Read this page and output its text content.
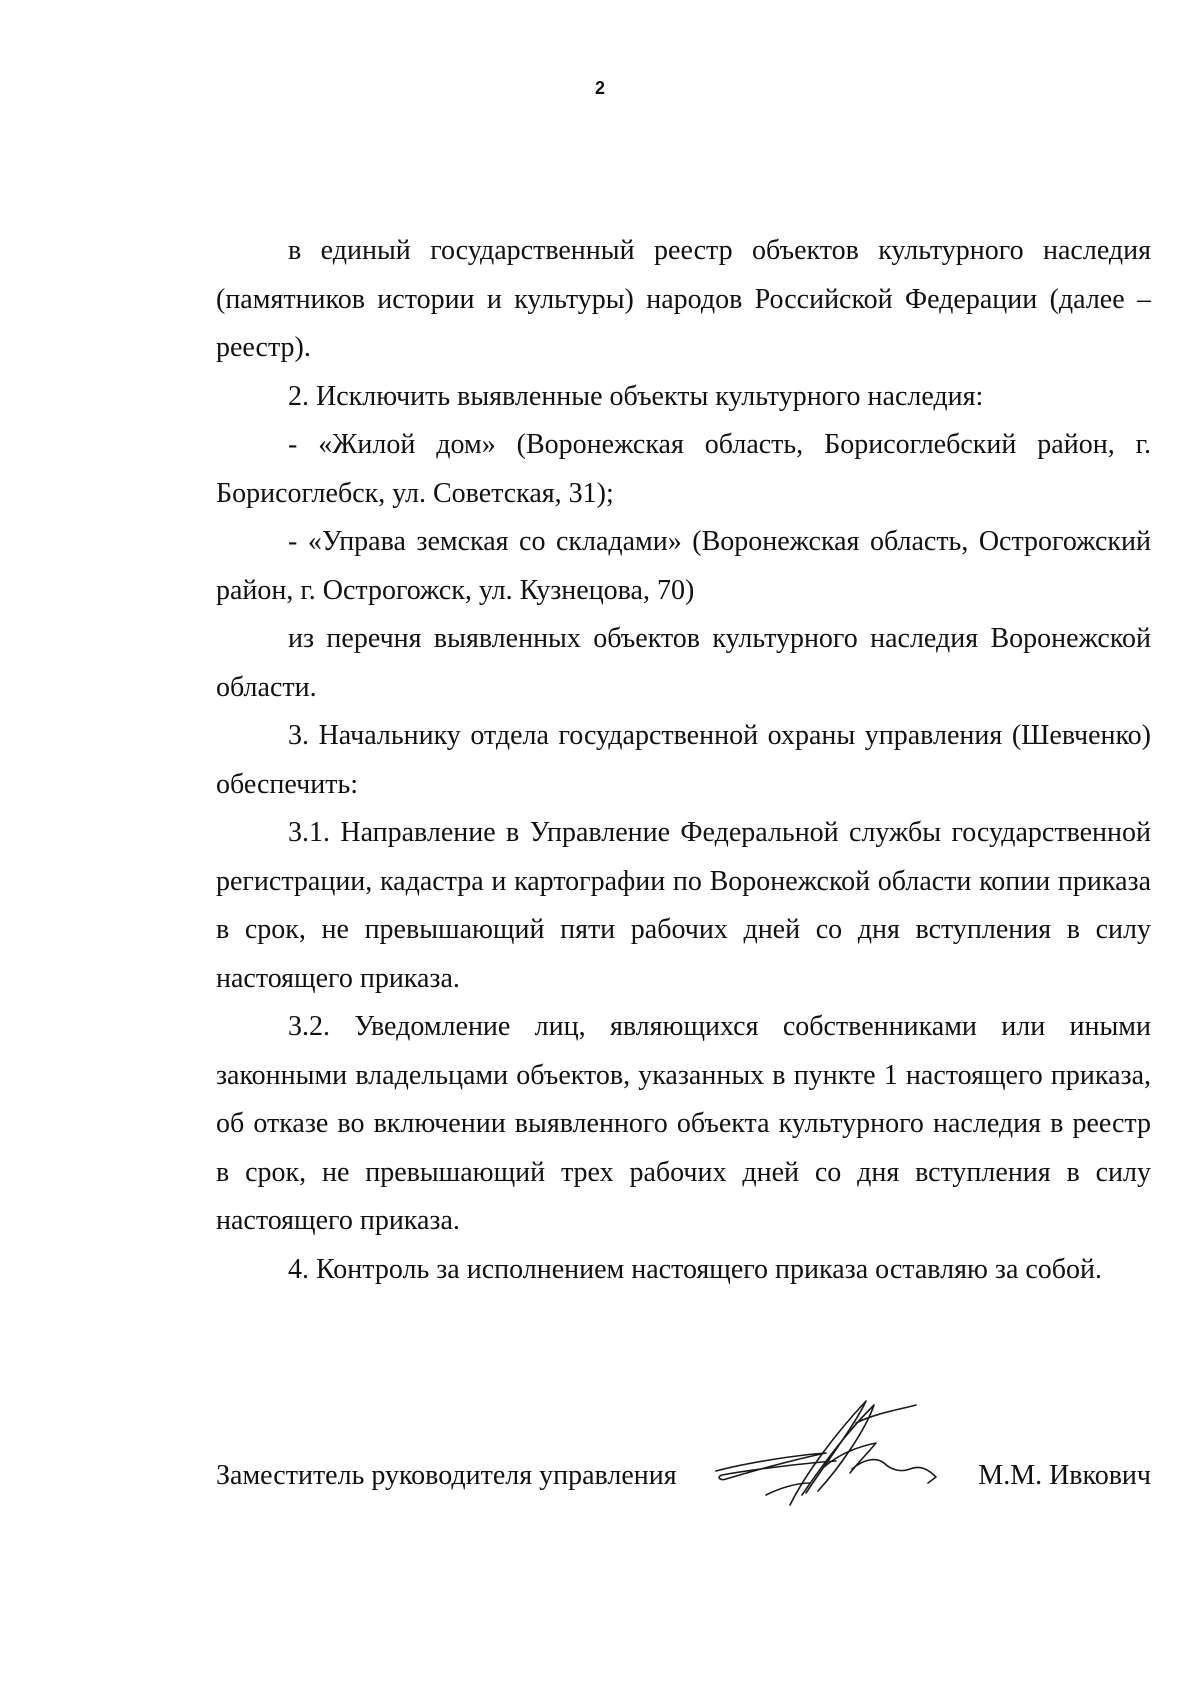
2

в единый государственный реестр объектов культурного наследия (памятников истории и культуры) народов Российской Федерации (далее – реестр).

2. Исключить выявленные объекты культурного наследия:

- «Жилой дом» (Воронежская область, Борисоглебский район, г. Борисоглебск, ул. Советская, 31);

- «Управа земская со складами» (Воронежская область, Острогожский район, г. Острогожск, ул. Кузнецова, 70)

из перечня выявленных объектов культурного наследия Воронежской области.

3. Начальнику отдела государственной охраны управления (Шевченко) обеспечить:

3.1. Направление в Управление Федеральной службы государственной регистрации, кадастра и картографии по Воронежской области копии приказа в срок, не превышающий пяти рабочих дней со дня вступления в силу настоящего приказа.

3.2. Уведомление лиц, являющихся собственниками или иными законными владельцами объектов, указанных в пункте 1 настоящего приказа, об отказе во включении выявленного объекта культурного наследия в реестр в срок, не превышающий трех рабочих дней со дня вступления в силу настоящего приказа.

4. Контроль за исполнением настоящего приказа оставляю за собой.

Заместитель руководителя управления	М.М. Ивкович
